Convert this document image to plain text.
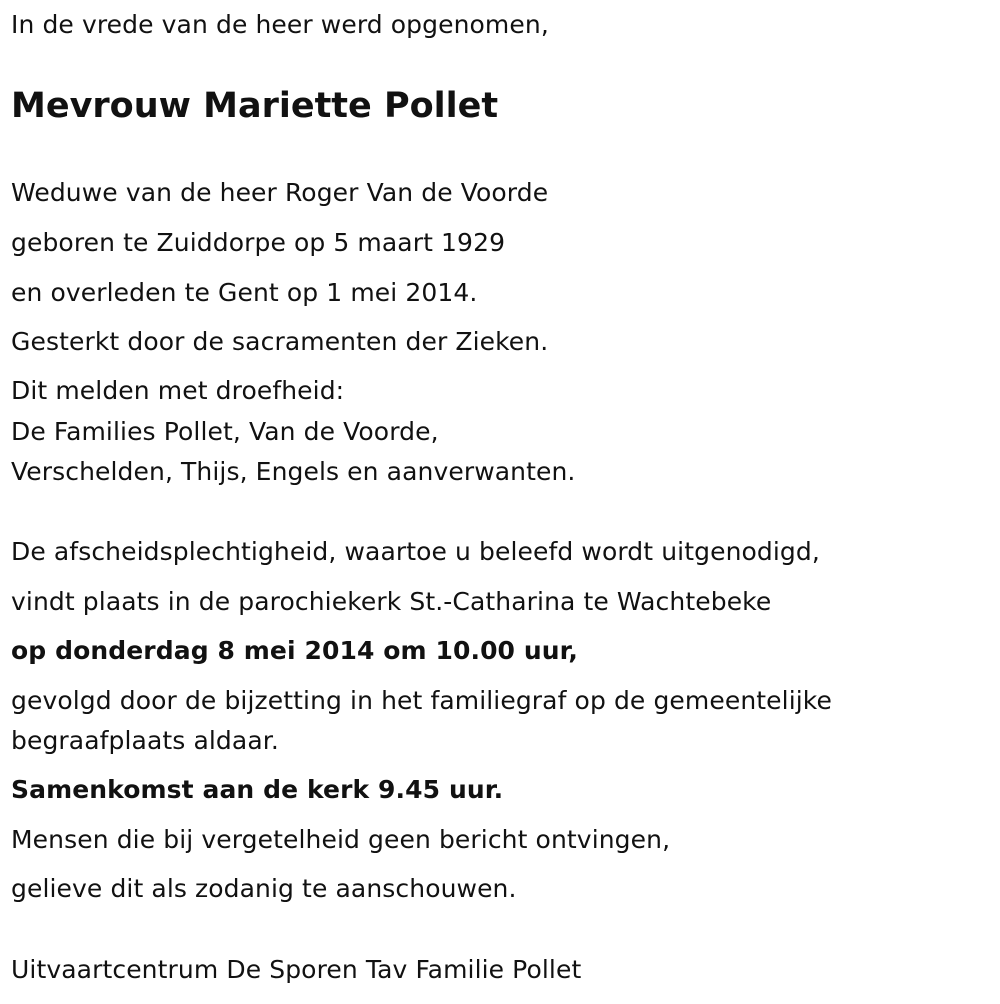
In de vrede van de heer werd opgenomen,
Mevrouw Mariette Pollet
Weduwe van de heer Roger Van de Voorde
geboren te Zuiddorpe op 5 maart 1929
en overleden te Gent op 1 mei 2014.
Gesterkt door de sacramenten der Zieken.
Dit melden met droefheid:
De Families Pollet, Van de Voorde,
Verschelden, Thijs, Engels en aanverwanten.
De afscheidsplechtigheid, waartoe u beleefd wordt uitgenodigd,
vindt plaats in de parochiekerk St.-Catharina te Wachtebeke
op donderdag 8 mei 2014 om 10.00 uur,
gevolgd door de bijzetting in het familiegraf op de gemeentelijke
begraafplaats aldaar.
Samenkomst aan de kerk 9.45 uur.
Mensen die bij vergetelheid geen bericht ontvingen,
gelieve dit als zodanig te aanschouwen.
Uitvaartcentrum De Sporen Tav Familie Pollet
